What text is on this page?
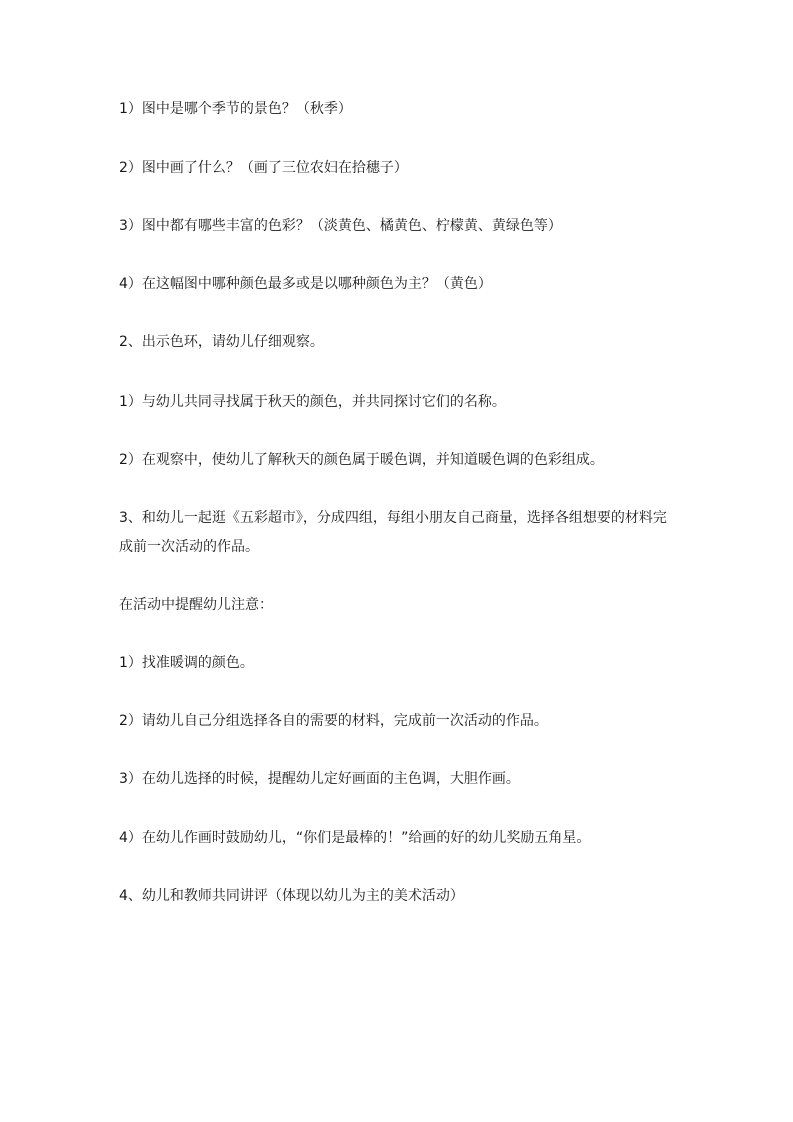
1）图中是哪个季节的景色？（秋季）

2）图中画了什么？（画了三位农妇在拾穗子）

3）图中都有哪些丰富的色彩？（淡黄色、橘黄色、柠檬黄、黄绿色等）

4）在这幅图中哪种颜色最多或是以哪种颜色为主？（黄色）

2、出示色环，请幼儿仔细观察。

1）与幼儿共同寻找属于秋天的颜色，并共同探讨它们的名称。

2）在观察中，使幼儿了解秋天的颜色属于暖色调，并知道暖色调的色彩组成。

3、和幼儿一起逛《五彩超市》，分成四组，每组小朋友自己商量，选择各组想要的材料完成前一次活动的作品。

在活动中提醒幼儿注意：

1）找准暖调的颜色。

2）请幼儿自己分组选择各自的需要的材料，完成前一次活动的作品。

3）在幼儿选择的时候，提醒幼儿定好画面的主色调，大胆作画。

4）在幼儿作画时鼓励幼儿，“你们是最棒的！”给画的好的幼儿奖励五角星。

4、幼儿和教师共同讲评（体现以幼儿为主的美术活动）
